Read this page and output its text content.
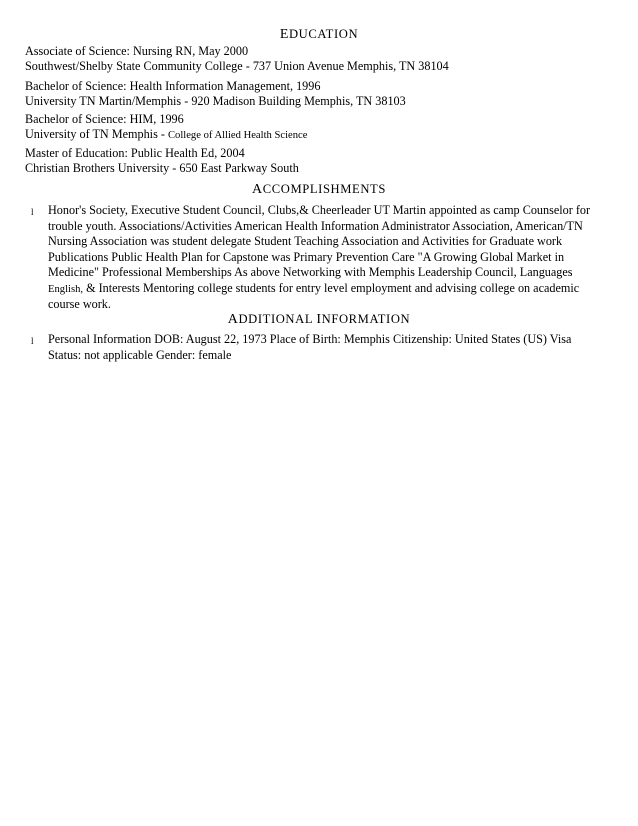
EDUCATION
Associate of Science: Nursing RN, May 2000
Southwest/Shelby State Community College - 737 Union Avenue Memphis, TN 38104
Bachelor of Science: Health Information Management, 1996
University TN Martin/Memphis - 920 Madison Building Memphis, TN 38103
Bachelor of Science: HIM, 1996
University of TN Memphis - College of Allied Health Science
Master of Education: Public Health Ed, 2004
Christian Brothers University - 650 East Parkway South
ACCOMPLISHMENTS
l Honor's Society, Executive Student Council, Clubs,& Cheerleader UT Martin appointed as camp Counselor for
trouble youth. Associations/Activities American Health Information Administrator Association, American/TN
Nursing Association was student delegate Student Teaching Association and Activities for Graduate work
Publications Public Health Plan for Capstone was Primary Prevention Care "A Growing Global Market in
Medicine" Professional Memberships As above Networking with Memphis Leadership Council, Languages
English, & Interests Mentoring college students for entry level employment and advising college on academic
course work.
ADDITIONAL INFORMATION
l Personal Information DOB: August 22, 1973 Place of Birth: Memphis Citizenship: United States (US) Visa
Status: not applicable Gender: female
